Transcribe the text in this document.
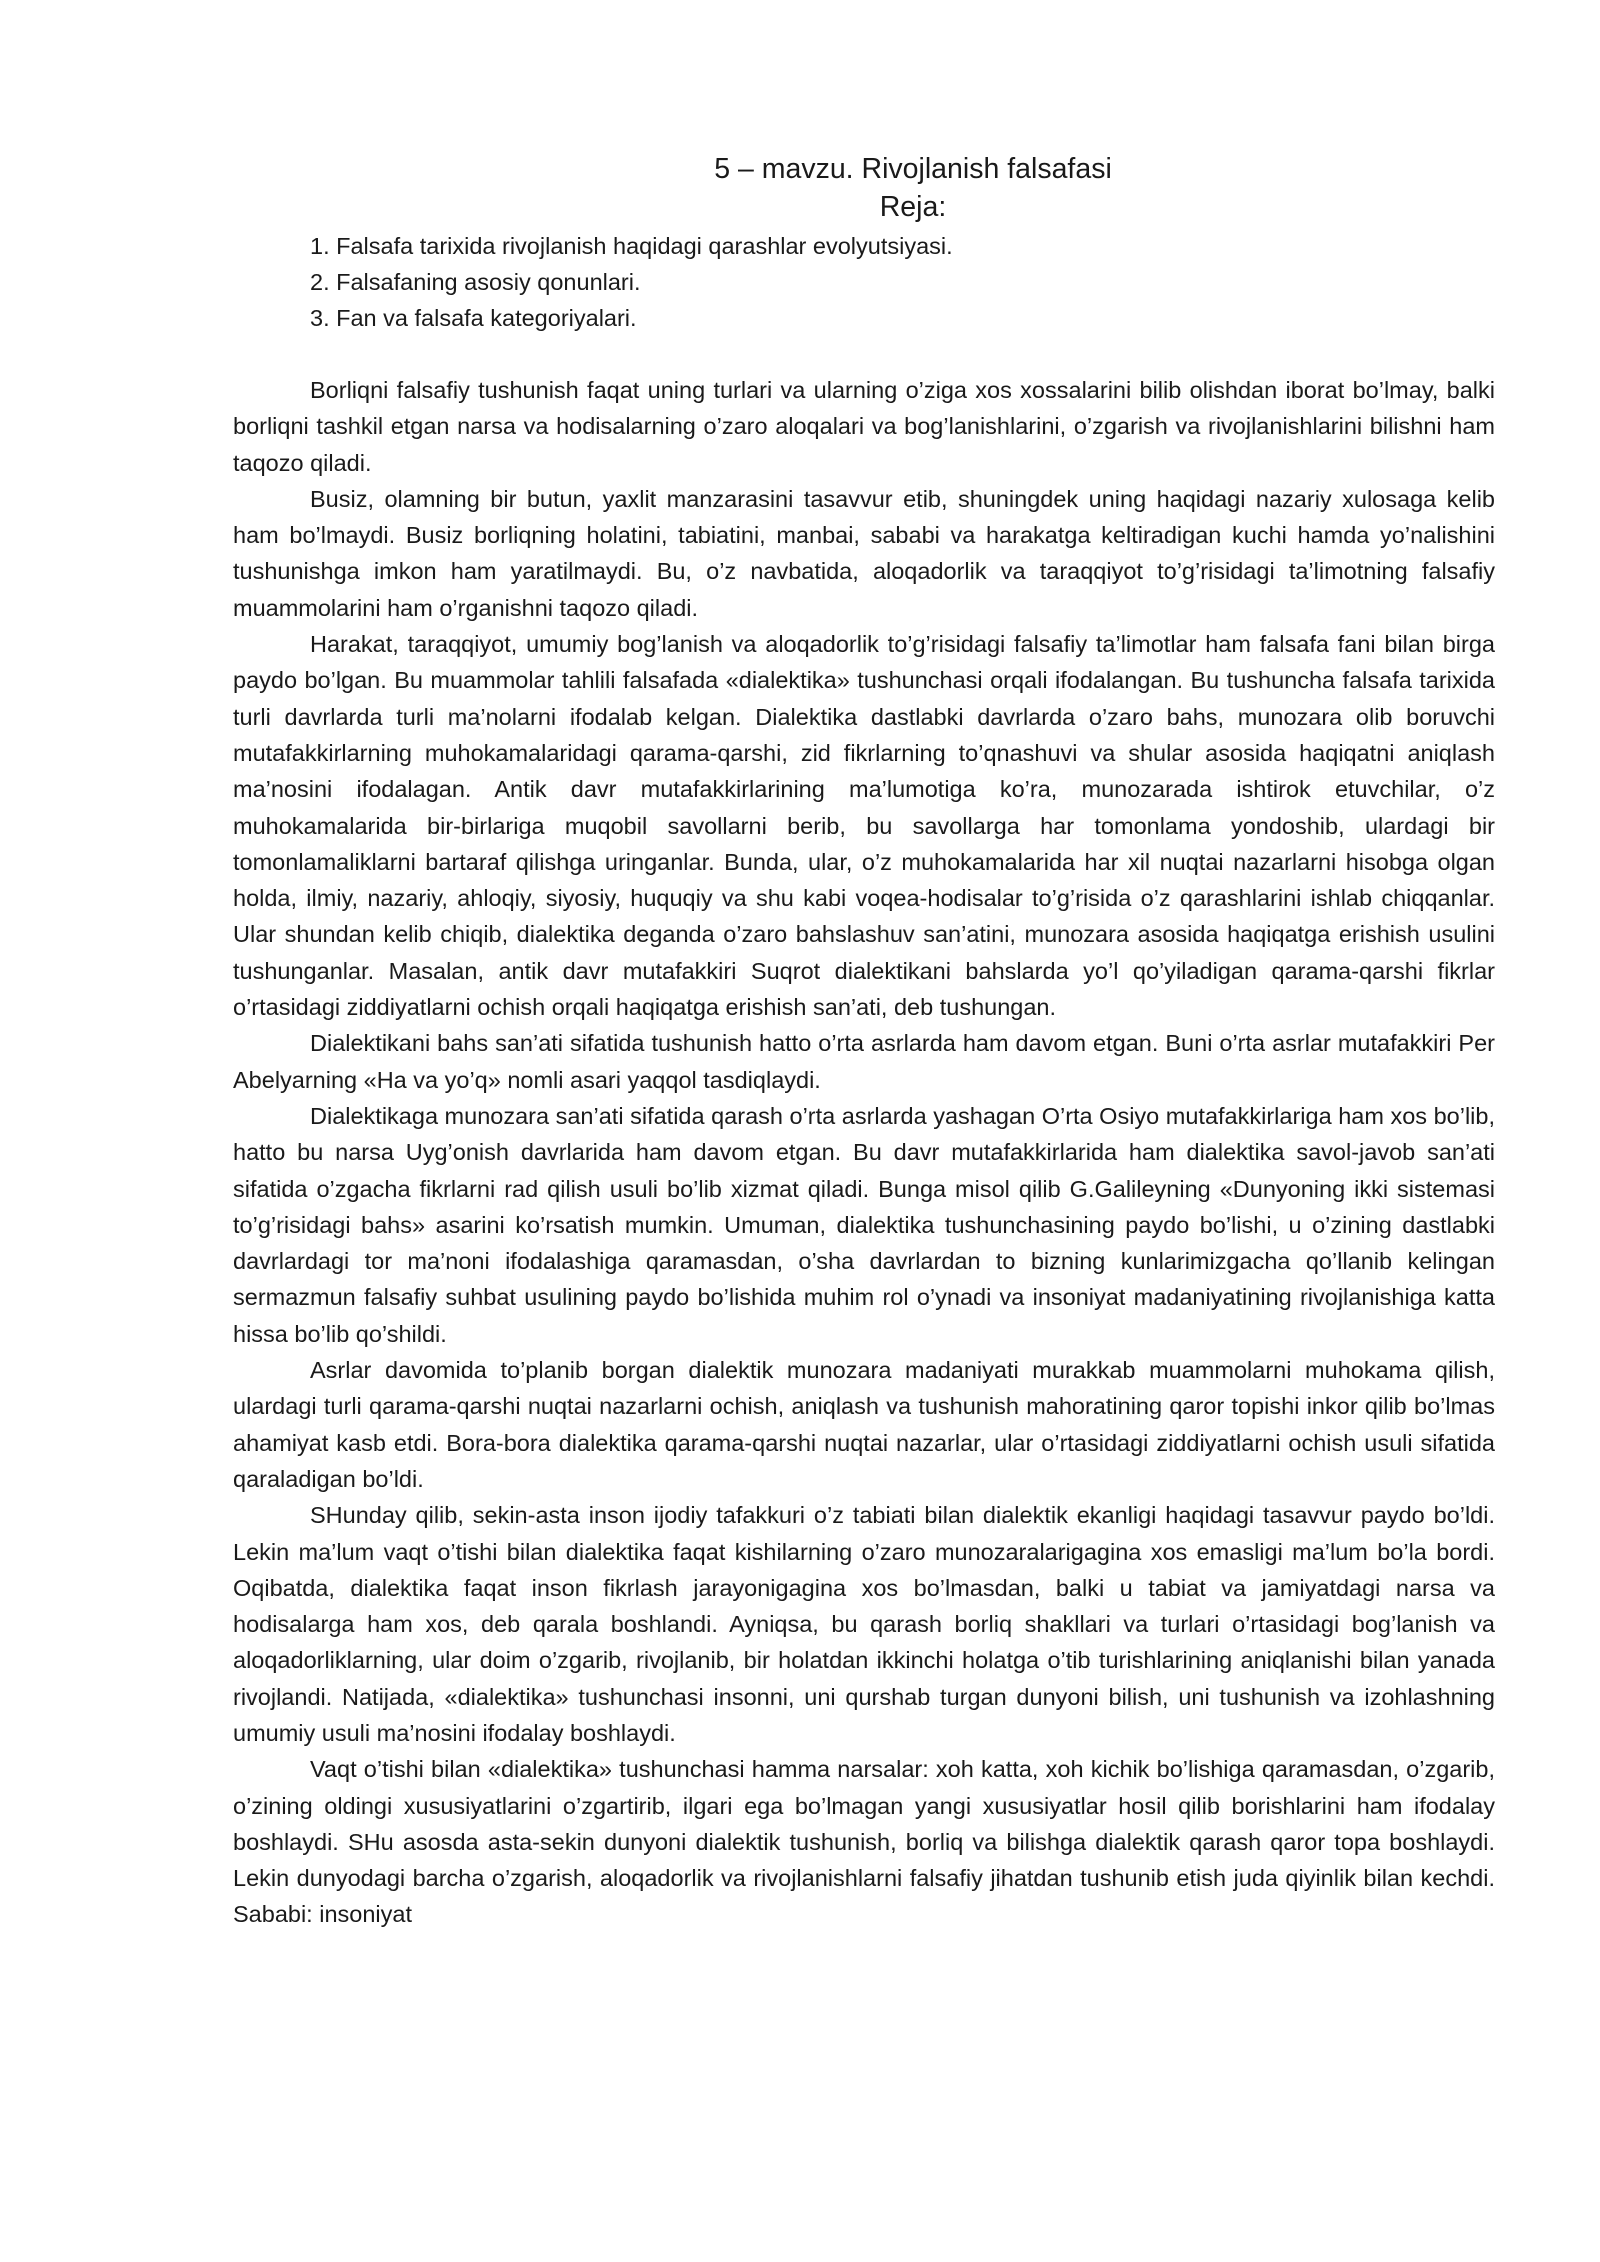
5 – mavzu. Rivojlanish falsafasi
Reja:
1. Falsafa tarixida rivojlanish haqidagi qarashlar evolyutsiyasi.
2. Falsafaning asosiy qonunlari.
3. Fan va falsafa kategoriyalari.

Borliqni falsafiy tushunish faqat uning turlari va ularning o’ziga xos xossalarini bilib olishdan iborat bo’lmay, balki borliqni tashkil etgan narsa va hodisalarning o’zaro aloqalari va bog’lanishlarini, o’zgarish va rivojlanishlarini bilishni ham taqozo qiladi.

Busiz, olamning bir butun, yaxlit manzarasini tasavvur etib, shuningdek uning haqidagi nazariy xulosaga kelib ham bo’lmaydi. Busiz borliqning holatini, tabiatini, manbai, sababi va harakatga keltiradigan kuchi hamda yo’nalishini tushunishga imkon ham yaratilmaydi. Bu, o’z navbatida, aloqadorlik va taraqqiyot to’g’risidagi ta’limotning falsafiy muammolarini ham o’rganishni taqozo qiladi.

Harakat, taraqqiyot, umumiy bog’lanish va aloqadorlik to’g’risidagi falsafiy ta’limotlar ham falsafa fani bilan birga paydo bo’lgan. Bu muammolar tahlili falsafada «dialektika» tushunchasi orqali ifodalangan. Bu tushuncha falsafa tarixida turli davrlarda turli ma’nolarni ifodalab kelgan. Dialektika dastlabki davrlarda o’zaro bahs, munozara olib boruvchi mutafakkirlarning muhokamalaridagi qarama-qarshi, zid fikrlarning to’qnashuvi va shular asosida haqiqatni aniqlash ma’nosini ifodalagan. Antik davr mutafakkirlarining ma’lumotiga ko’ra, munozarada ishtirok etuvchilar, o’z muhokamalarida bir-birlariga muqobil savollarni berib, bu savollarga har tomonlama yondoshib, ulardagi bir tomonlamaliklarni bartaraf qilishga uringanlar. Bunda, ular, o’z muhokamalarida har xil nuqtai nazarlarni hisobga olgan holda, ilmiy, nazariy, ahloqiy, siyosiy, huquqiy va shu kabi voqea-hodisalar to’g’risida o’z qarashlarini ishlab chiqqanlar. Ular shundan kelib chiqib, dialektika deganda o’zaro bahslashuv san’atini, munozara asosida haqiqatga erishish usulini tushunganlar. Masalan, antik davr mutafakkiri Suqrot dialektikani bahslarda yo’l qo’yiladigan qarama-qarshi fikrlar o’rtasidagi ziddiyatlarni ochish orqali haqiqatga erishish san’ati, deb tushungan.

Dialektikani bahs san’ati sifatida tushunish hatto o’rta asrlarda ham davom etgan. Buni o’rta asrlar mutafakkiri Per Abelyarning «Ha va yo’q» nomli asari yaqqol tasdiqlaydi.

Dialektikaga munozara san’ati sifatida qarash o’rta asrlarda yashagan O’rta Osiyo mutafakkirlariga ham xos bo’lib, hatto bu narsa Uyg’onish davrlarida ham davom etgan. Bu davr mutafakkirlarida ham dialektika savol-javob san’ati sifatida o’zgacha fikrlarni rad qilish usuli bo’lib xizmat qiladi. Bunga misol qilib G.Galileyning «Dunyoning ikki sistemasi to’g’risidagi bahs» asarini ko’rsatish mumkin. Umuman, dialektika tushunchasining paydo bo’lishi, u o’zining dastlabki davrlardagi tor ma’noni ifodalashiga qaramasdan, o’sha davrlardan to bizning kunlarimizgacha qo’llanib kelingan sermazmun falsafiy suhbat usulining paydo bo’lishida muhim rol o’ynadi va insoniyat madaniyatining rivojlanishiga katta hissa bo’lib qo’shildi.

Asrlar davomida to’planib borgan dialektik munozara madaniyati murakkab muammolarni muhokama qilish, ulardagi turli qarama-qarshi nuqtai nazarlarni ochish, aniqlash va tushunish mahoratining qaror topishi inkor qilib bo’lmas ahamiyat kasb etdi. Bora-bora dialektika qarama-qarshi nuqtai nazarlar, ular o’rtasidagi ziddiyatlarni ochish usuli sifatida qaraladigan bo’ldi.

SHunday qilib, sekin-asta inson ijodiy tafakkuri o’z tabiati bilan dialektik ekanligi haqidagi tasavvur paydo bo’ldi. Lekin ma’lum vaqt o’tishi bilan dialektika faqat kishilarning o’zaro munozaralarigagina xos emasligi ma’lum bo’la bordi. Oqibatda, dialektika faqat inson fikrlash jarayonigagina xos bo’lmasdan, balki u tabiat va jamiyatdagi narsa va hodisalarga ham xos, deb qarala boshlandi. Ayniqsa, bu qarash borliq shakllari va turlari o’rtasidagi bog’lanish va aloqadorliklarning, ular doim o’zgarib, rivojlanib, bir holatdan ikkinchi holatga o’tib turishlarining aniqlanishi bilan yanada rivojlandi. Natijada, «dialektika» tushunchasi insonni, uni qurshab turgan dunyoni bilish, uni tushunish va izohlashning umumiy usuli ma’nosini ifodalay boshlaydi.

Vaqt o’tishi bilan «dialektika» tushunchasi hamma narsalar: xoh katta, xoh kichik bo’lishiga qaramasdan, o’zgarib, o’zining oldingi xususiyatlarini o’zgartirib, ilgari ega bo’lmagan yangi xususiyatlar hosil qilib borishlarini ham ifodalay boshlaydi. SHu asosda asta-sekin dunyoni dialektik tushunish, borliq va bilishga dialektik qarash qaror topa boshlaydi. Lekin dunyodagi barcha o’zgarish, aloqadorlik va rivojlanishlarni falsafiy jihatdan tushunib etish juda qiyinlik bilan kechdi. Sababi: insoniyat
